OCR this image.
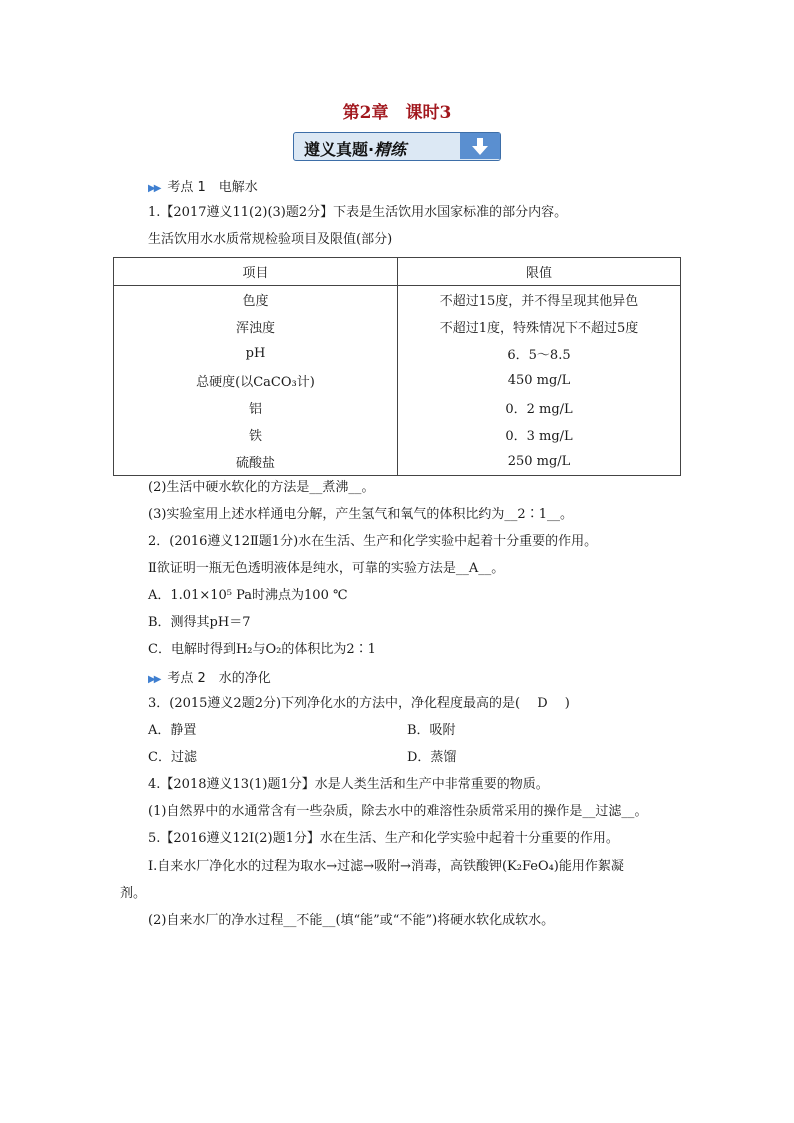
第2章　课时3
遵义真题·精练
▶▶ 考点 1　电解水
1.【2017遵义11(2)(3)题2分】下表是生活饮用水国家标准的部分内容。
生活饮用水水质常规检验项目及限值(部分)
项目	限值
色度	不超过15度，并不得呈现其他异色
浑浊度	不超过1度，特殊情况下不超过5度
pH	6．5～8.5
总硬度(以CaCO₃计)	450 mg/L
铝	0．2 mg/L
铁	0．3 mg/L
硫酸盐	250 mg/L
(2)生活中硬水软化的方法是__煮沸__。
(3)实验室用上述水样通电分解，产生氢气和氧气的体积比约为__2∶1__。
2．(2016遵义12Ⅱ题1分)水在生活、生产和化学实验中起着十分重要的作用。
Ⅱ欲证明一瓶无色透明液体是纯水，可靠的实验方法是__A__。
A．1.01×10⁵ Pa时沸点为100 ℃
B．测得其pH＝7
C．电解时得到H₂与O₂的体积比为2∶1
▶▶ 考点 2　水的净化
3．(2015遵义2题2分)下列净化水的方法中，净化程度最高的是(　 D 　)
A．静置	B．吸附
C．过滤	D．蒸馏
4.【2018遵义13(1)题1分】水是人类生活和生产中非常重要的物质。
(1)自然界中的水通常含有一些杂质，除去水中的难溶性杂质常采用的操作是__过滤__。
5.【2016遵义12Ⅰ(2)题1分】水在生活、生产和化学实验中起着十分重要的作用。
Ⅰ.自来水厂净化水的过程为取水→过滤→吸附→消毒，高铁酸钾(K₂FeO₄)能用作絮凝
剂。
(2)自来水厂的净水过程__不能__(填“能”或“不能”)将硬水软化成软水。
